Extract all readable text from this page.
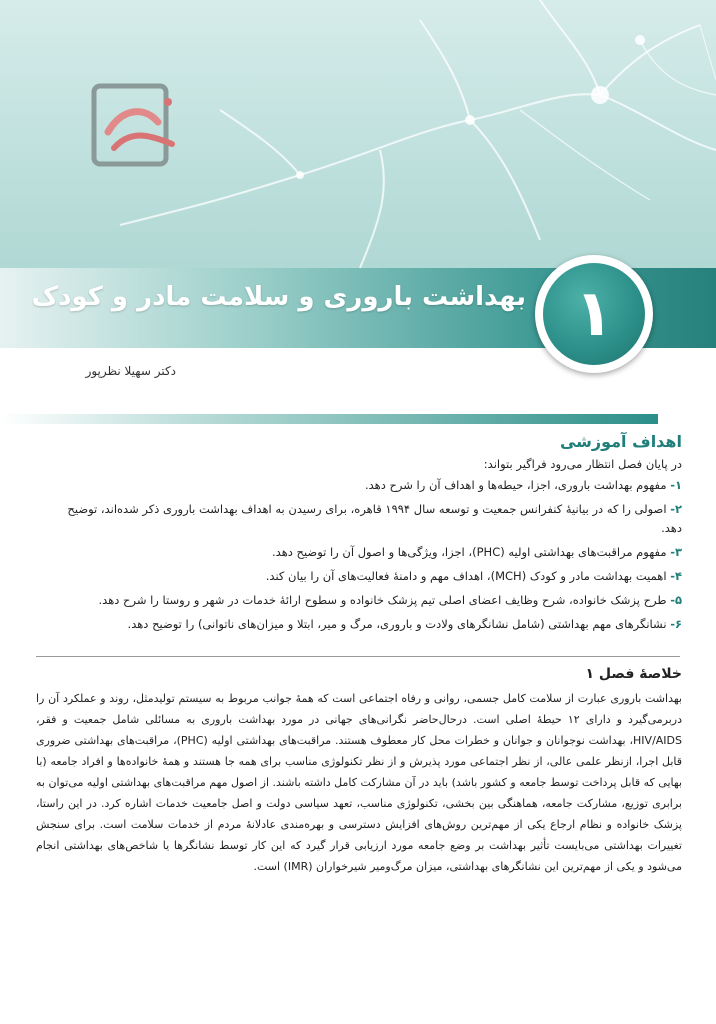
بهداشت باروری و سلامت مادر و کودک ۱
دکتر سهیلا نظرپور
اهداف آموزشی
در پایان فصل انتظار می‌رود فراگیر بتواند:
۱- مفهوم بهداشت باروری، اجزا، حیطه‌ها و اهداف آن را شرح دهد.
۲- اصولی را که در بیانیهٔ کنفرانس جمعیت و توسعه سال ۱۹۹۴ قاهره، برای رسیدن به اهداف بهداشت باروری ذکر شده‌اند، توضیح دهد.
۳- مفهوم مراقبت‌های بهداشتی اولیه (PHC)، اجزا، ویژگی‌ها و اصول آن را توضیح دهد.
۴- اهمیت بهداشت مادر و کودک (MCH)، اهداف مهم و دامنهٔ فعالیت‌های آن را بیان کند.
۵- طرح پزشک خانواده، شرح وظایف اعضای اصلی تیم پزشک خانواده و سطوح ارائهٔ خدمات در شهر و روستا را شرح دهد.
۶- نشانگرهای مهم بهداشتی (شامل نشانگرهای ولادت و باروری، مرگ و میر، ابتلا و میزان‌های ناتوانی) را توضیح دهد.
خلاصهٔ فصل ۱

بهداشت باروری عبارت از سلامت کامل جسمی، روانی و رفاه اجتماعی است که همهٔ جوانب مربوط به سیستم تولیدمثل، روند و عملکرد آن را دربرمی‌گیرد و دارای ۱۲ حیطهٔ اصلی است. درحال‌حاضر نگرانی‌های جهانی در مورد بهداشت باروری به مسائلی شامل جمعیت و فقر، HIV/AIDS، بهداشت نوجوانان و جوانان و خطرات محل کار معطوف هستند. مراقبت‌های بهداشتی اولیه (PHC)، مراقبت‌های بهداشتی ضروری قابل اجرا، ازنظر علمی عالی، از نظر اجتماعی مورد پذیرش و از نظر تکنولوژی مناسب برای همه جا هستند و همهٔ خانواده‌ها و افراد جامعه (با بهایی که قابل پرداخت توسط جامعه و کشور باشد) باید در آن مشارکت کامل داشته باشند. از اصول مهم مراقبت‌های بهداشتی اولیه می‌توان به برابری توزیع، مشارکت جامعه، هماهنگی بین بخشی، تکنولوژی مناسب، تعهد سیاسی دولت و اصل جامعیت خدمات اشاره کرد. در این راستا، پزشک خانواده و نظام ارجاع یکی از مهم‌ترین روش‌های افزایش دسترسی و بهره‌مندی عادلانهٔ مردم از خدمات سلامت است. برای سنجش تغییرات بهداشتی می‌بایست تأثیر بهداشت بر وضع جامعه مورد ارزیابی قرار گیرد که این کار توسط نشانگرها یا شاخص‌های بهداشتی انجام می‌شود و یکی از مهم‌ترین این نشانگرهای بهداشتی، میزان مرگ‌ومیر شیرخواران (IMR) است.
